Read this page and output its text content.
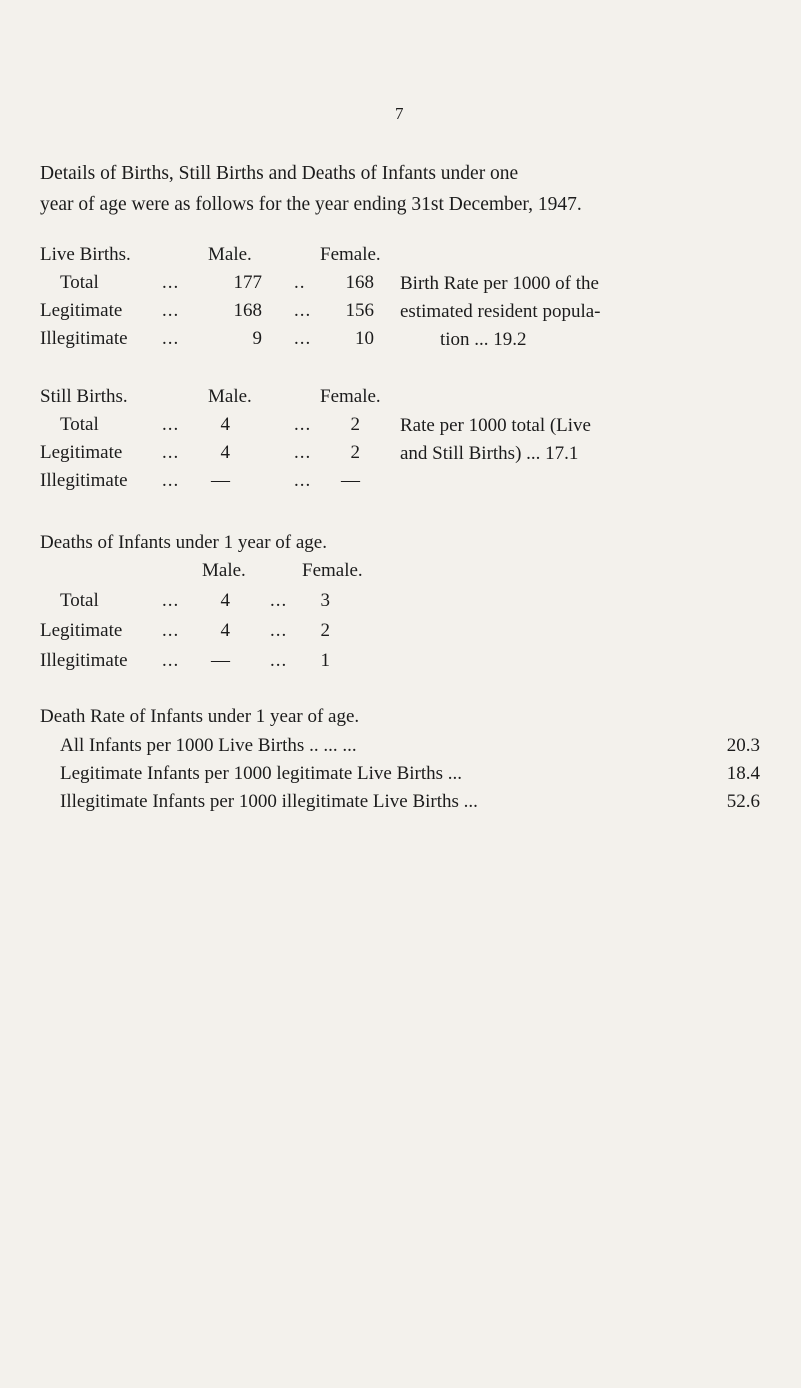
7
Details of Births, Still Births and Deaths of Infants under one
year of age were as follows for the year ending 31st December, 1947.
Live Births.	Male.	Female.
Total	...	177 ..	168
Legitimate ...	168 ...	156
Illegitimate ...	9 ...	10
Birth Rate per 1000 of the
estimated resident popula-
tion ... 19.2
Still Births.	Male.	Female.
Total	...	4	...	2
Legitimate ...	4	...	2
Illegitimate ...	—	...	—
Rate per 1000 total (Live
and Still Births) ... 17.1
Deaths of Infants under 1 year of age.
Male.	Female.
Total	...	4 ...	3
Legitimate ...	4 ...	2
Illegitimate ...	— ...	1
Death Rate of Infants under 1 year of age.
All Infants per 1000 Live Births .. ... ...	20.3
Legitimate Infants per 1000 legitimate Live Births ...	18.4
Illegitimate Infants per 1000 illegitimate Live Births ...	52.6
